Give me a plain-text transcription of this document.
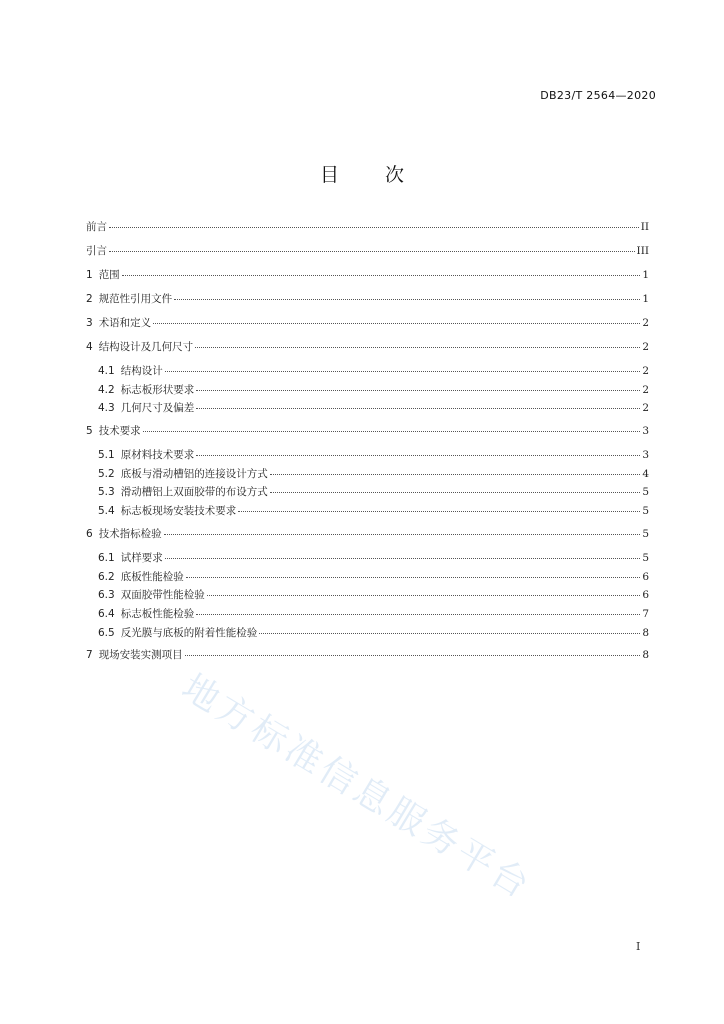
DB23/T 2564—2020
目 次
前言	II
引言	III
1 范围	1
2 规范性引用文件	1
3 术语和定义	2
4 结构设计及几何尺寸	2
4.1 结构设计	2
4.2 标志板形状要求	2
4.3 几何尺寸及偏差	2
5 技术要求	3
5.1 原材料技术要求	3
5.2 底板与滑动槽铝的连接设计方式	4
5.3 滑动槽铝上双面胶带的布设方式	5
5.4 标志板现场安装技术要求	5
6 技术指标检验	5
6.1 试样要求	5
6.2 底板性能检验	6
6.3 双面胶带性能检验	6
6.4 标志板性能检验	7
6.5 反光膜与底板的附着性能检验	8
7 现场安装实测项目	8
地方标准信息服务平台
I
